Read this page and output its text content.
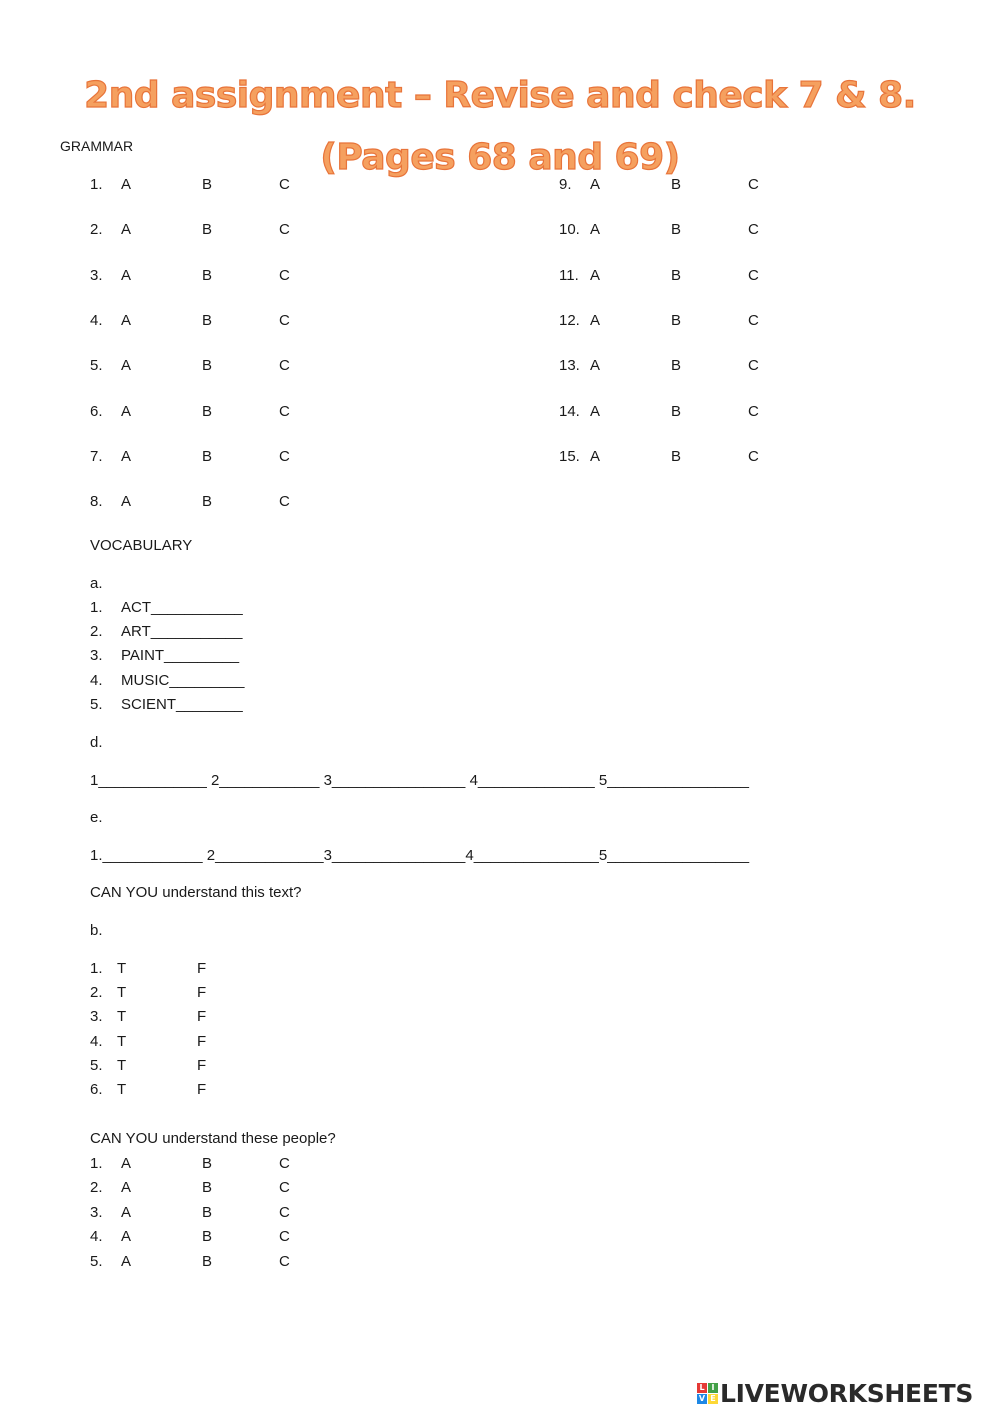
2nd assignment – Revise and check 7 & 8.
GRAMMAR	(Pages 68 and 69)
1. A	B	C
2. A	B	C
3. A	B	C
4. A	B	C
5. A	B	C
6. A	B	C
7. A	B	C
8. A	B	C
9. A	B	C
10. A	B	C
11. A	B	C
12. A	B	C
13. A	B	C
14. A	B	C
15. A	B	C
VOCABULARY
a.
1. ACT___________
2. ART___________
3. PAINT_________
4. MUSIC_________
5. SCIENT________
d.
1_____________ 2____________ 3________________ 4______________ 5_________________
e.
1.____________ 2_____________3________________4_______________5_________________
CAN YOU understand this text?
b.
1. T	F
2. T	F
3. T	F
4. T	F
5. T	F
6. T	F
CAN YOU understand these people?
1. A	B	C
2. A	B	C
3. A	B	C
4. A	B	C
5. A	B	C
L I
V E LIVEWORKSHEETS
